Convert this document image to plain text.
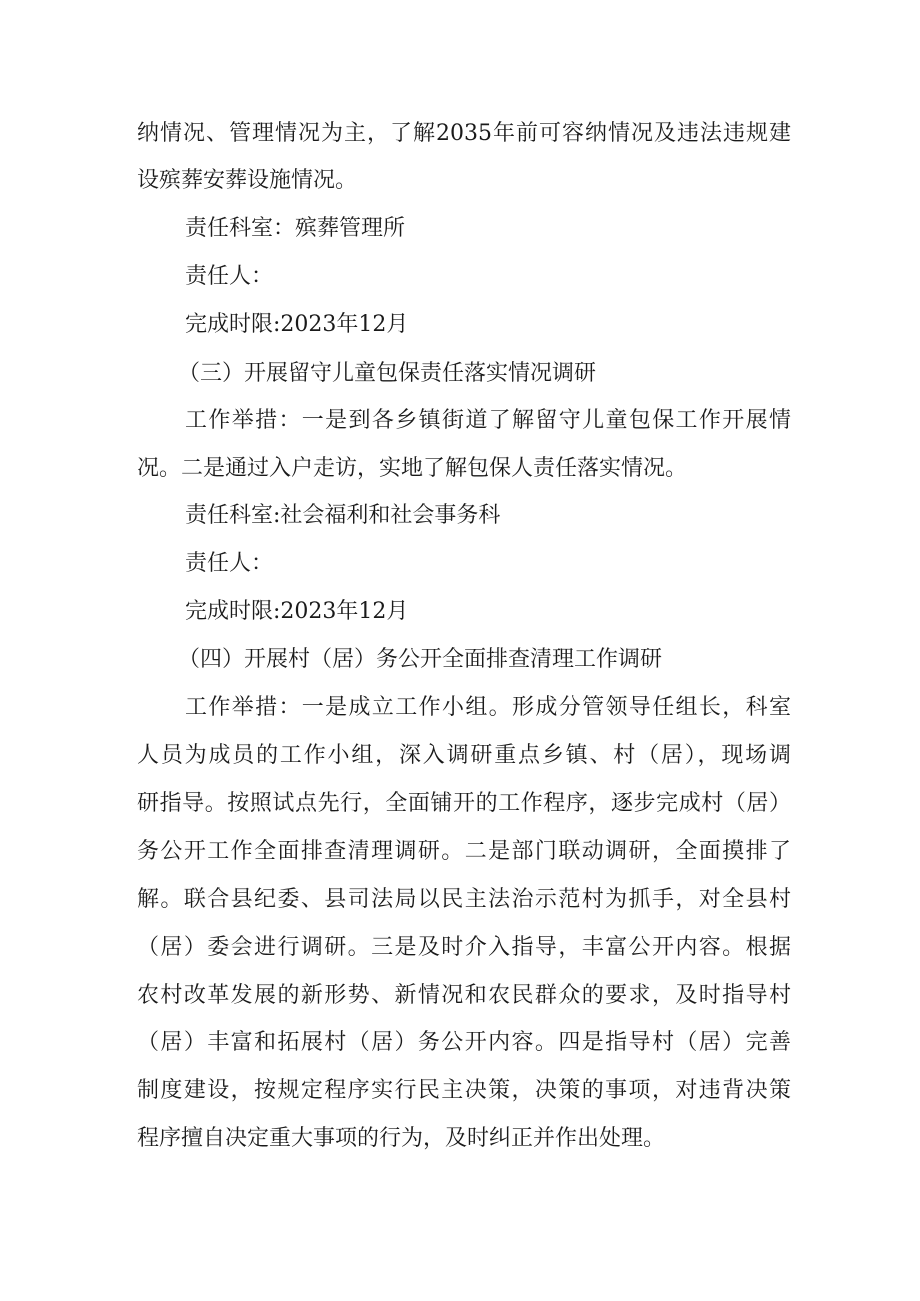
纳情况、管理情况为主，了解2035年前可容纳情况及违法违规建
设殡葬安葬设施情况。
责任科室：殡葬管理所
责任人：
完成时限:2023年12月
（三）开展留守儿童包保责任落实情况调研
工作举措：一是到各乡镇街道了解留守儿童包保工作开展情
况。二是通过入户走访，实地了解包保人责任落实情况。
责任科室:社会福利和社会事务科
责任人：
完成时限:2023年12月
（四）开展村（居）务公开全面排查清理工作调研
工作举措：一是成立工作小组。形成分管领导任组长，科室
人员为成员的工作小组，深入调研重点乡镇、村（居），现场调
研指导。按照试点先行，全面铺开的工作程序，逐步完成村（居）
务公开工作全面排查清理调研。二是部门联动调研，全面摸排了
解。联合县纪委、县司法局以民主法治示范村为抓手，对全县村
（居）委会进行调研。三是及时介入指导，丰富公开内容。根据
农村改革发展的新形势、新情况和农民群众的要求，及时指导村
（居）丰富和拓展村（居）务公开内容。四是指导村（居）完善
制度建设，按规定程序实行民主决策，决策的事项，对违背决策
程序擅自决定重大事项的行为，及时纠正并作出处理。
